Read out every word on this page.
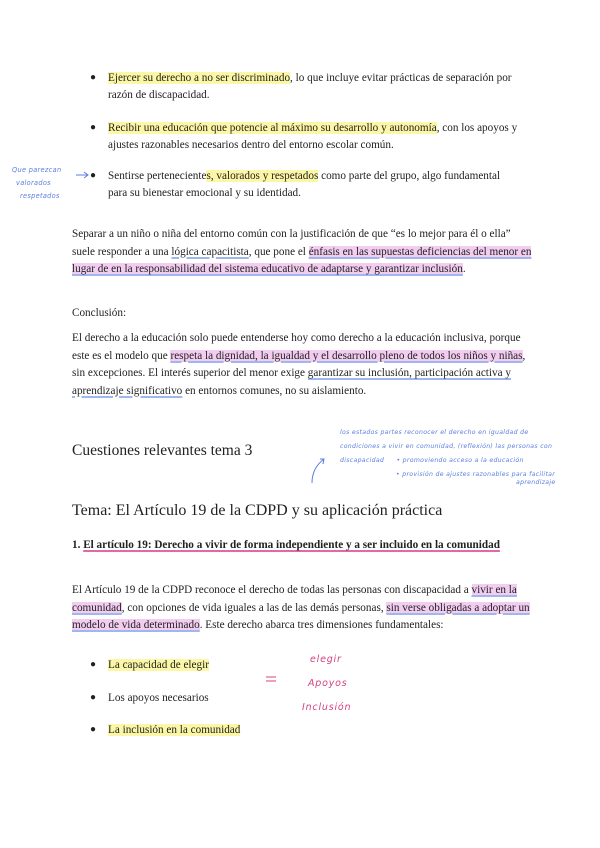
● Ejercer su derecho a no ser discriminado, lo que incluye evitar prácticas de separación por razón de discapacidad.
● Recibir una educación que potencie al máximo su desarrollo y autonomía, con los apoyos y ajustes razonables necesarios dentro del entorno escolar común.
● Sentirse pertenecientes, valorados y respetados como parte del grupo, algo fundamental para su bienestar emocional y su identidad.
Que parezcan
valorados
respetados
Separar a un niño o niña del entorno común con la justificación de que “es lo mejor para él o ella” suele responder a una lógica capacitista, que pone el énfasis en las supuestas deficiencias del menor en lugar de en la responsabilidad del sistema educativo de adaptarse y garantizar inclusión.
Conclusión:
El derecho a la educación solo puede entenderse hoy como derecho a la educación inclusiva, porque este es el modelo que respeta la dignidad, la igualdad y el desarrollo pleno de todos los niños y niñas, sin excepciones. El interés superior del menor exige garantizar su inclusión, participación activa y aprendizaje significativo en entornos comunes, no su aislamiento.
Cuestiones relevantes tema 3
los estados partes reconocer el derecho en igualdad de
condiciones a vivir en comunidad, (reflexión) las personas con
discapacidad • promoviendo acceso a la educación
• provisión de ajustes razonables para facilitar
aprendizaje
Tema: El Artículo 19 de la CDPD y su aplicación práctica
1. El artículo 19: Derecho a vivir de forma independiente y a ser incluido en la comunidad
El Artículo 19 de la CDPD reconoce el derecho de todas las personas con discapacidad a vivir en la comunidad, con opciones de vida iguales a las de las demás personas, sin verse obligadas a adoptar un modelo de vida determinado. Este derecho abarca tres dimensiones fundamentales:
● La capacidad de elegir
● Los apoyos necesarios
● La inclusión en la comunidad
elegir
Apoyos
Inclusión
